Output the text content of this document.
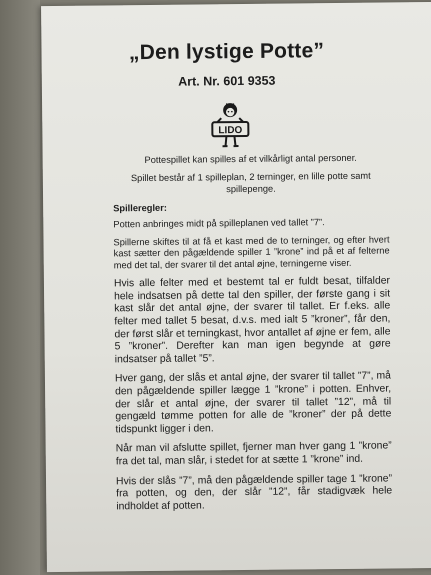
„Den lystige Potte”
Art. Nr. 601 9353
LIDO

Pottespillet kan spilles af et vilkårligt antal personer.

Spillet består af 1 spilleplan, 2 terninger, en lille potte samt spillepenge.

Spilleregler:

Potten anbringes midt på spilleplanen ved tallet ”7”.

Spillerne skiftes til at få et kast med de to terninger, og efter hvert kast sætter den pågældende spiller 1 ”krone” ind på et af felterne med det tal, der svarer til det antal øjne, terningerne viser.

Hvis alle felter med et bestemt tal er fuldt besat, tilfalder hele indsatsen på dette tal den spiller, der første gang i sit kast slår det antal øjne, der svarer til tallet. Er f.eks. alle felter med tallet 5 besat, d.v.s. med ialt 5 ”kroner”, får den, der først slår et terningkast, hvor antallet af øjne er fem, alle 5 ”kroner”. Derefter kan man igen begynde at gøre indsatser på tallet ”5”.

Hver gang, der slås et antal øjne, der svarer til tallet ”7”, må den pågældende spiller lægge 1 ”krone” i potten. Enhver, der slår et antal øjne, der svarer til tallet ”12”, må til gengæld tømme potten for alle de ”kroner” der på dette tidspunkt ligger i den.

Når man vil afslutte spillet, fjerner man hver gang 1 ”krone” fra det tal, man slår, i stedet for at sætte 1 ”krone” ind.

Hvis der slås ”7”, må den pågældende spiller tage 1 ”krone” fra potten, og den, der slår ”12”, får stadigvæk hele indholdet af potten.
